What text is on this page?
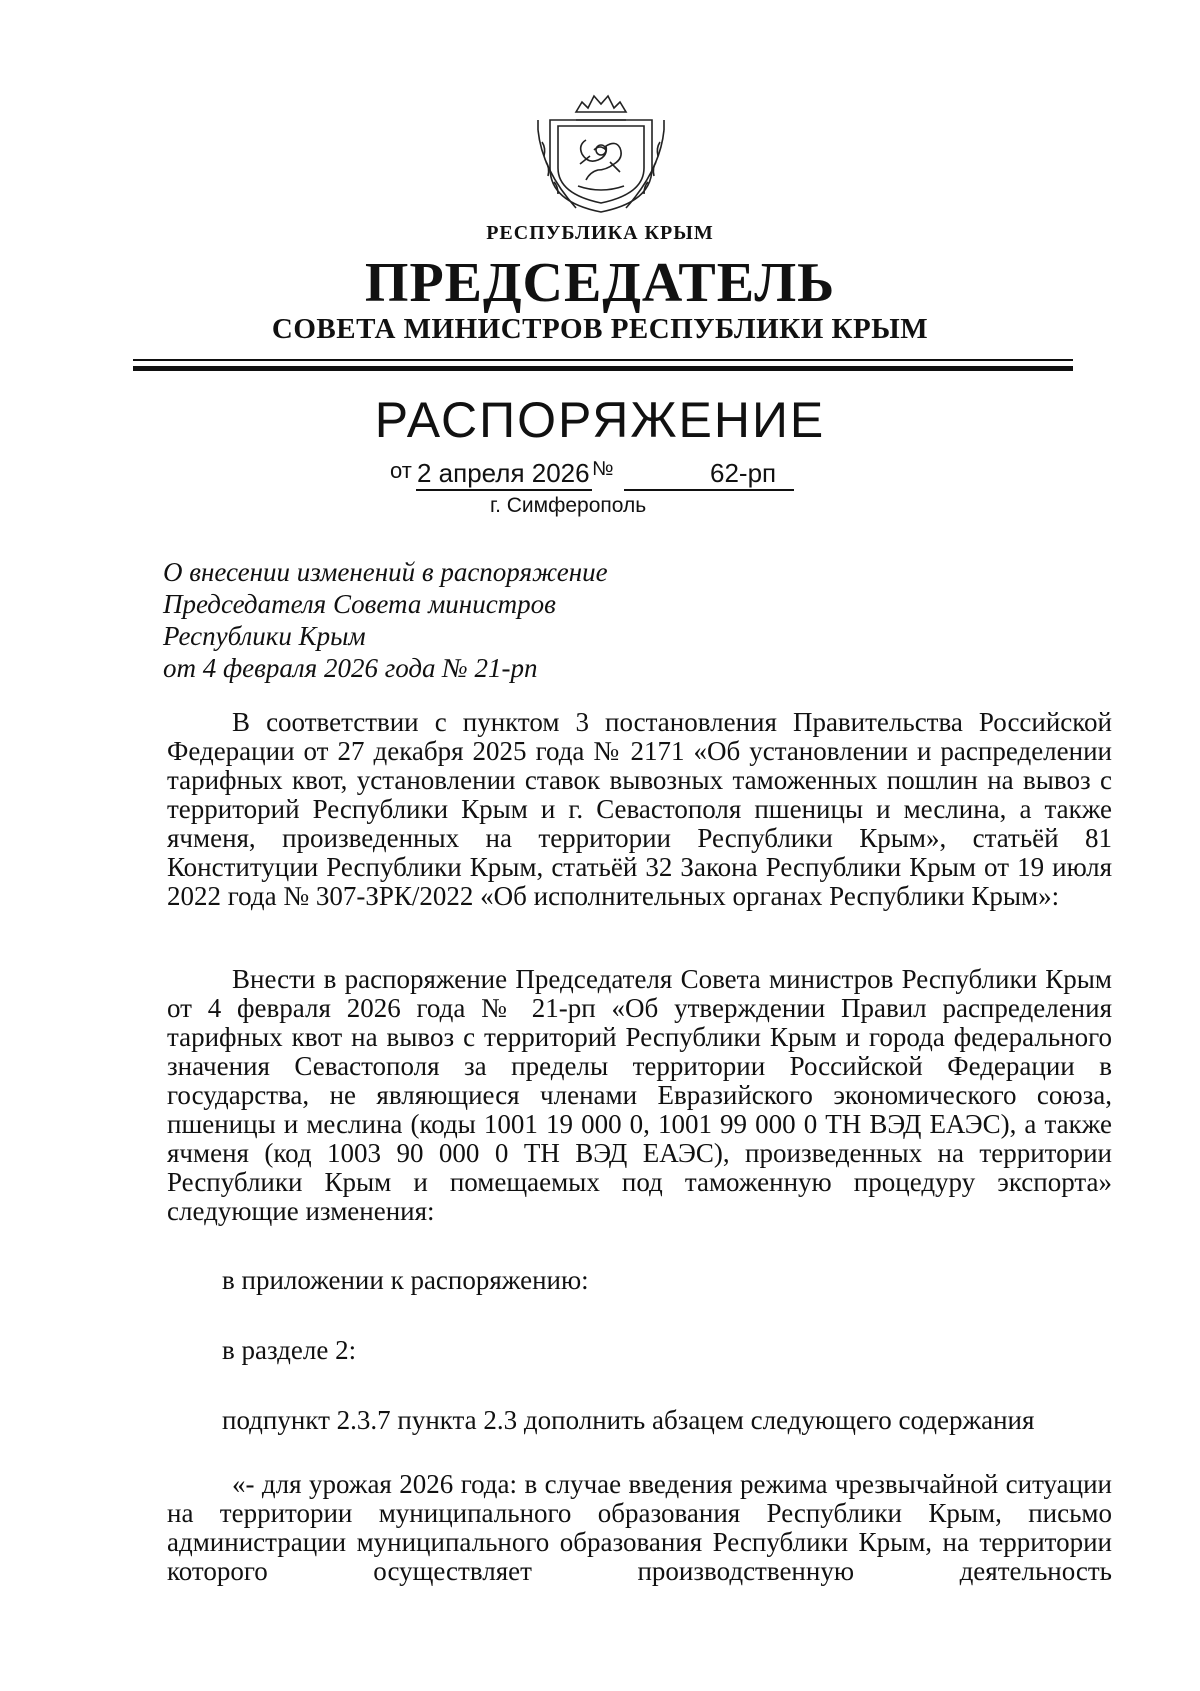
РЕСПУБЛИКА КРЫМ
ПРЕДСЕДАТЕЛЬ
СОВЕТА МИНИСТРОВ РЕСПУБЛИКИ КРЫМ
РАСПОРЯЖЕНИЕ
от 2 апреля 2026 №	62-рп
г. Симферополь
О внесении изменений в распоряжение
Председателя Совета министров
Республики Крым
от 4 февраля 2026 года № 21-рп

В соответствии с пунктом 3 постановления Правительства Российской Федерации от 27 декабря 2025 года № 2171 «Об установлении и распределении тарифных квот, установлении ставок вывозных таможенных пошлин на вывоз с территорий Республики Крым и г. Севастополя пшеницы и меслина, а также ячменя, произведенных на территории Республики Крым», статьёй 81 Конституции Республики Крым, статьёй 32 Закона Республики Крым от 19 июля 2022 года № 307-ЗРК/2022 «Об исполнительных органах Республики Крым»:

Внести в распоряжение Председателя Совета министров Республики Крым от 4 февраля 2026 года № 21-рп «Об утверждении Правил распределения тарифных квот на вывоз с территорий Республики Крым и города федерального значения Севастополя за пределы территории Российской Федерации в государства, не являющиеся членами Евразийского экономического союза, пшеницы и меслина (коды 1001 19 000 0, 1001 99 000 0 ТН ВЭД ЕАЭС), а также ячменя (код 1003 90 000 0 ТН ВЭД ЕАЭС), произведенных на территории Республики Крым и помещаемых под таможенную процедуру экспорта» следующие изменения:

в приложении к распоряжению:
в разделе 2:
подпункт 2.3.7 пункта 2.3 дополнить абзацем следующего содержания

«- для урожая 2026 года: в случае введения режима чрезвычайной ситуации на территории муниципального образования Республики Крым, письмо администрации муниципального образования Республики Крым, на территории которого осуществляет производственную деятельность
